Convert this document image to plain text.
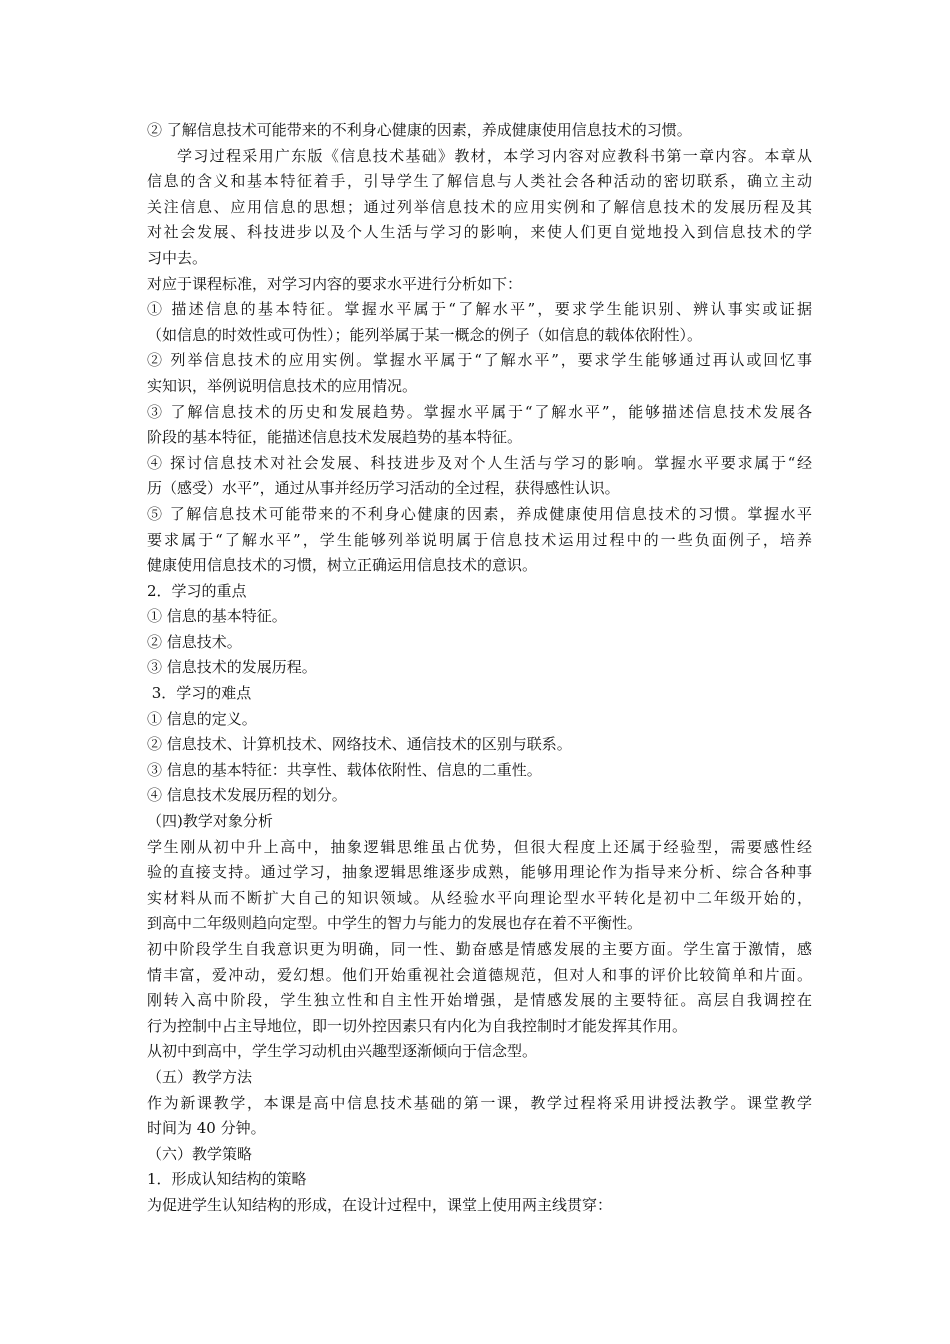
② 了解信息技术可能带来的不利身心健康的因素，养成健康使用信息技术的习惯。
学习过程采用广东版《信息技术基础》教材，本学习内容对应教科书第一章内容。本章从
信息的含义和基本特征着手，引导学生了解信息与人类社会各种活动的密切联系，确立主动
关注信息、应用信息的思想；通过列举信息技术的应用实例和了解信息技术的发展历程及其
对社会发展、科技进步以及个人生活与学习的影响，来使人们更自觉地投入到信息技术的学
习中去。
对应于课程标准，对学习内容的要求水平进行分析如下：
① 描述信息的基本特征。掌握水平属于“了解水平”，要求学生能识别、辨认事实或证据
（如信息的时效性或可伪性）；能列举属于某一概念的例子（如信息的载体依附性）。
② 列举信息技术的应用实例。掌握水平属于“了解水平”，要求学生能够通过再认或回忆事
实知识，举例说明信息技术的应用情况。
③ 了解信息技术的历史和发展趋势。掌握水平属于“了解水平”，能够描述信息技术发展各
阶段的基本特征，能描述信息技术发展趋势的基本特征。
④ 探讨信息技术对社会发展、科技进步及对个人生活与学习的影响。掌握水平要求属于“经
历（感受）水平”，通过从事并经历学习活动的全过程，获得感性认识。
⑤ 了解信息技术可能带来的不利身心健康的因素，养成健康使用信息技术的习惯。掌握水平
要求属于“了解水平”，学生能够列举说明属于信息技术运用过程中的一些负面例子，培养
健康使用信息技术的习惯，树立正确运用信息技术的意识。
2．学习的重点
① 信息的基本特征。
② 信息技术。
③ 信息技术的发展历程。
3．学习的难点
① 信息的定义。
② 信息技术、计算机技术、网络技术、通信技术的区别与联系。
③ 信息的基本特征：共享性、载体依附性、信息的二重性。
④ 信息技术发展历程的划分。
（四)教学对象分析
学生刚从初中升上高中，抽象逻辑思维虽占优势，但很大程度上还属于经验型，需要感性经
验的直接支持。通过学习，抽象逻辑思维逐步成熟，能够用理论作为指导来分析、综合各种事
实材料从而不断扩大自己的知识领域。从经验水平向理论型水平转化是初中二年级开始的，
到高中二年级则趋向定型。中学生的智力与能力的发展也存在着不平衡性。
初中阶段学生自我意识更为明确，同一性、勤奋感是情感发展的主要方面。学生富于激情，感
情丰富，爱冲动，爱幻想。他们开始重视社会道德规范，但对人和事的评价比较简单和片面。
刚转入高中阶段，学生独立性和自主性开始增强，是情感发展的主要特征。高层自我调控在
行为控制中占主导地位，即一切外控因素只有内化为自我控制时才能发挥其作用。
从初中到高中，学生学习动机由兴趣型逐渐倾向于信念型。
（五）教学方法
作为新课教学，本课是高中信息技术基础的第一课，教学过程将采用讲授法教学。课堂教学
时间为 40 分钟。
（六）教学策略
1．形成认知结构的策略
为促进学生认知结构的形成，在设计过程中，课堂上使用两主线贯穿：
